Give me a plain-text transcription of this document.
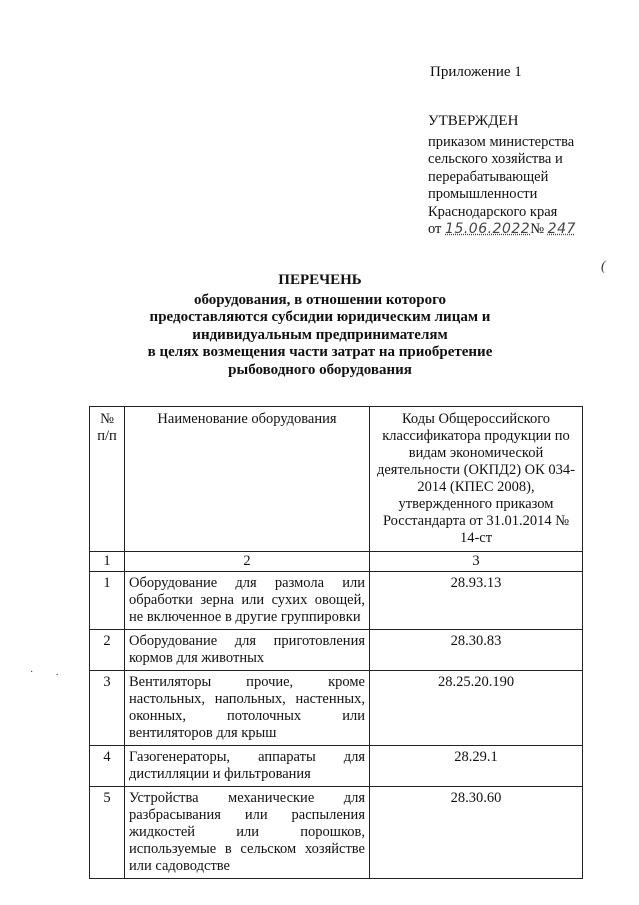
Приложение 1
УТВЕРЖДЕН
приказом министерства
сельского хозяйства и
перерабатывающей
промышленности
Краснодарского края
от 15.06.2022№ 247
(
· .
ПЕРЕЧЕНЬ
оборудования, в отношении которого
предоставляются субсидии юридическим лицам и
индивидуальным предпринимателям
в целях возмещения части затрат на приобретение
рыбоводного оборудования
№ п/п	Наименование оборудования	Коды Общероссийского классификатора продукции по видам экономической деятельности (ОКПД2) ОК 034-2014 (КПЕС 2008), утвержденного приказом Росстандарта от 31.01.2014 № 14-ст
1	2	3
1	Оборудование для размола или обработки зерна или сухих овощей, не включенное в другие группировки	28.93.13
2	Оборудование для приготовления кормов для животных	28.30.83
3	Вентиляторы прочие, кроме настольных, напольных, настенных, оконных, потолочных или вентиляторов для крыш	28.25.20.190
4	Газогенераторы, аппараты для дистилляции и фильтрования	28.29.1
5	Устройства механические для разбрасывания или распыления жидкостей или порошков, используемые в сельском хозяйстве или садоводстве	28.30.60
